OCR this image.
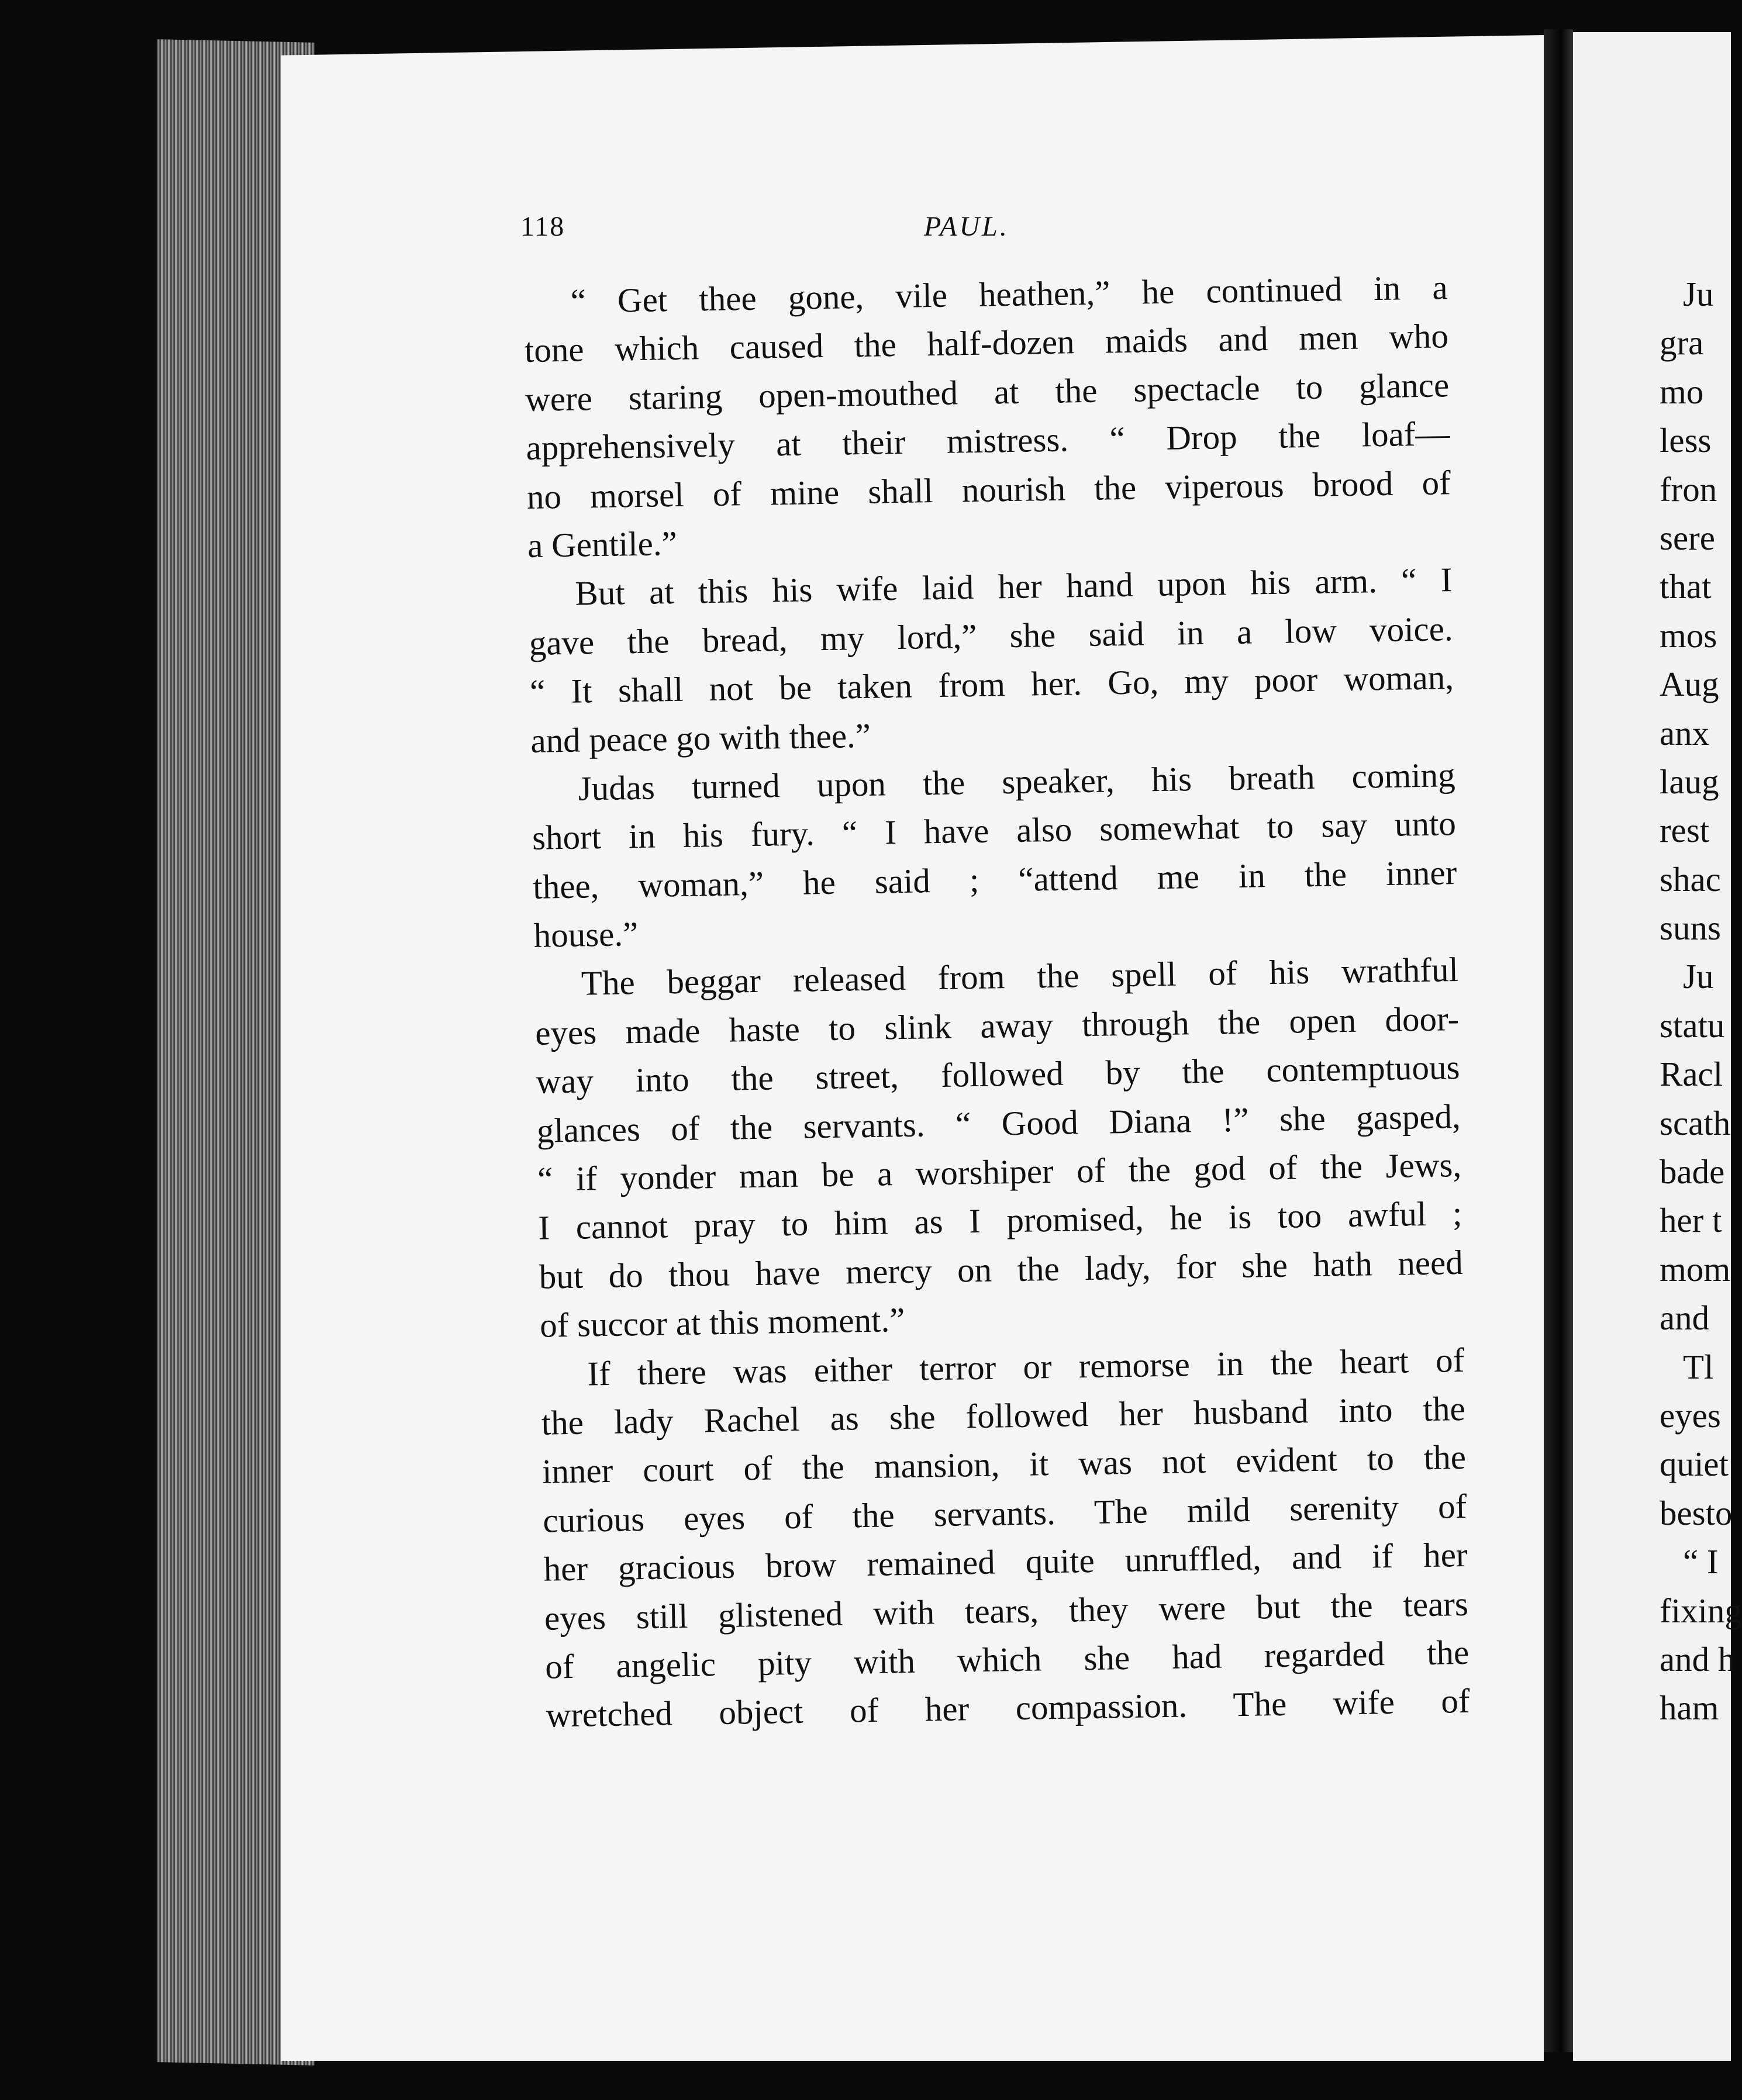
118	PAUL.
“ Get thee gone, vile heathen,” he continued in a
tone which caused the half-dozen maids and men who
were staring open-mouthed at the spectacle to glance
apprehensively at their mistress. “ Drop the loaf—
no morsel of mine shall nourish the viperous brood of
a Gentile.”
But at this his wife laid her hand upon his arm. “ I
gave the bread, my lord,” she said in a low voice.
“ It shall not be taken from her. Go, my poor woman,
and peace go with thee.”
Judas turned upon the speaker, his breath coming
short in his fury. “ I have also somewhat to say unto
thee, woman,” he said ; “attend me in the inner
house.”
The beggar released from the spell of his wrathful
eyes made haste to slink away through the open door-
way into the street, followed by the contemptuous
glances of the servants. “ Good Diana !” she gasped,
“ if yonder man be a worshiper of the god of the Jews,
I cannot pray to him as I promised, he is too awful ;
but do thou have mercy on the lady, for she hath need
of succor at this moment.”
If there was either terror or remorse in the heart of
the lady Rachel as she followed her husband into the
inner court of the mansion, it was not evident to the
curious eyes of the servants. The mild serenity of
her gracious brow remained quite unruffled, and if her
eyes still glistened with tears, they were but the tears
of angelic pity with which she had regarded the
wretched object of her compassion. The wife of
Ju
gra
mo
less
fron
sere
that
mos
Aug
anx
laug
rest
shac
suns
Ju
statu
Racl
scath
bade
her t
mom
and
Tl
eyes
quiet
besto
“ I
fixing
and h
ham
